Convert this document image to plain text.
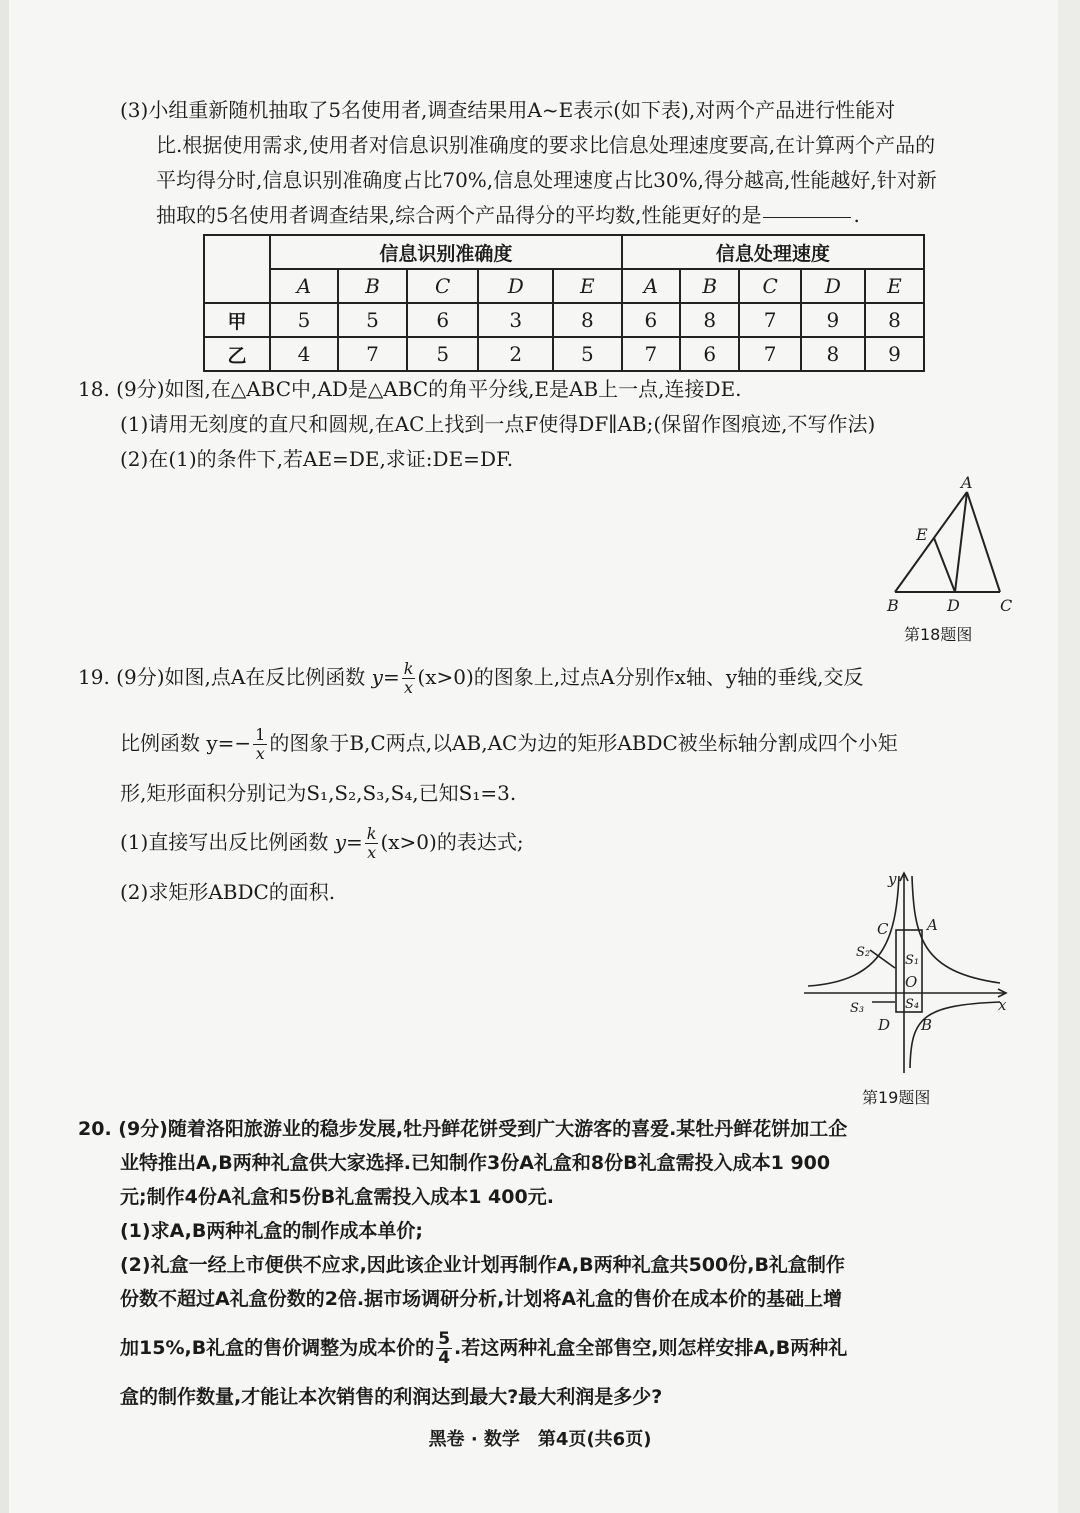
(3)小组重新随机抽取了5名使用者,调查结果用A~E表示(如下表),对两个产品进行性能对
比.根据使用需求,使用者对信息识别准确度的要求比信息处理速度要高,在计算两个产品的
平均得分时,信息识别准确度占比70%,信息处理速度占比30%,得分越高,性能越好,针对新
抽取的5名使用者调查结果,综合两个产品得分的平均数,性能更好的是	.
	信息识别准确度					信息处理速度				
	A	B	C	D	E	A	B	C	D	E
甲	5	5	6	3	8	6	8	7	9	8
乙	4	7	5	2	5	7	6	7	8	9
18. (9分)如图,在△ABC中,AD是△ABC的角平分线,E是AB上一点,连接DE.
(1)请用无刻度的直尺和圆规,在AC上找到一点F使得DF∥AB;(保留作图痕迹,不写作法)
(2)在(1)的条件下,若AE=DE,求证:DE=DF.
A
E
B	D	C
第18题图
19. (9分)如图,点A在反比例函数 $y= \frac{k}{x} (x>0)$的图象上,过点A分别作x轴、y轴的垂线,交反
比例函数 $y=- \frac{1}{x}$ 的图象于B,C两点,以AB,AC为边的矩形ABDC被坐标轴分割成四个小矩
形,矩形面积分别记为S₁,S₂,S₃,S₄,已知S₁=3.
(1)直接写出反比例函数 $y= \frac{k}{x} (x>0)$的表达式;
(2)求矩形ABDC的面积.
y
x
O
A
C
D B
S₁
S₂
S₃	S₄
第19题图
20. (9分)随着洛阳旅游业的稳步发展,牡丹鲜花饼受到广大游客的喜爱.某牡丹鲜花饼加工企
业特推出A,B两种礼盒供大家选择.已知制作3份A礼盒和8份B礼盒需投入成本1 900
元;制作4份A礼盒和5份B礼盒需投入成本1 400元.
(1)求A,B两种礼盒的制作成本单价;
(2)礼盒一经上市便供不应求,因此该企业计划再制作A,B两种礼盒共500份,B礼盒制作
份数不超过A礼盒份数的2倍.据市场调研分析,计划将A礼盒的售价在成本价的基础上增
加15%,B礼盒的售价调整为成本价的 $\frac{5}{4}$ .若这两种礼盒全部售空,则怎样安排A,B两种礼
盒的制作数量,才能让本次销售的利润达到最大?最大利润是多少?
黑卷 · 数学　第4页(共6页)
